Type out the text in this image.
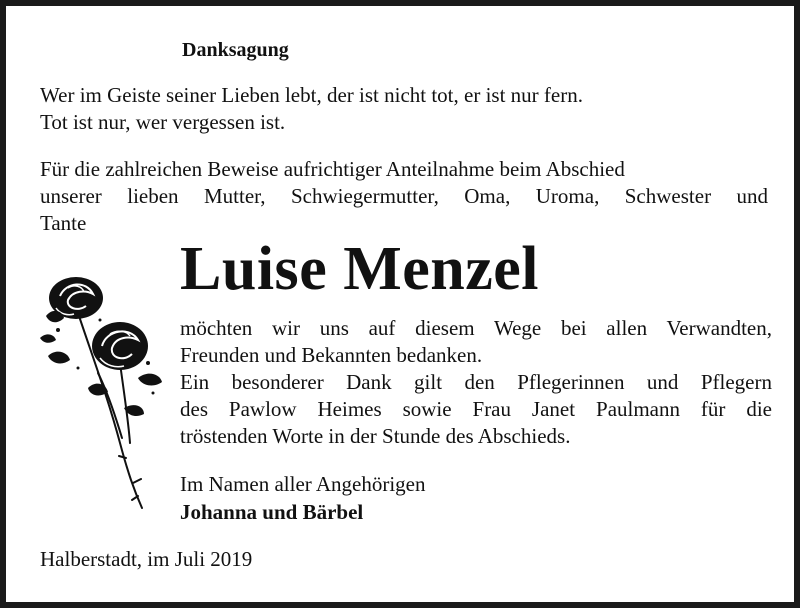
Danksagung
Wer im Geiste seiner Lieben lebt, der ist nicht tot, er ist nur fern.
Tot ist nur, wer vergessen ist.
Für die zahlreichen Beweise aufrichtiger Anteilnahme beim Abschied
unserer lieben Mutter, Schwiegermutter, Oma, Uroma, Schwester und
Tante
Luise Menzel
möchten wir uns auf diesem Wege bei allen Verwandten,
Freunden und Bekannten bedanken.
Ein besonderer Dank gilt den Pflegerinnen und Pflegern
des Pawlow Heimes sowie Frau Janet Paulmann für die
tröstenden Worte in der Stunde des Abschieds.
Im Namen aller Angehörigen
Johanna und Bärbel
Halberstadt, im Juli 2019
